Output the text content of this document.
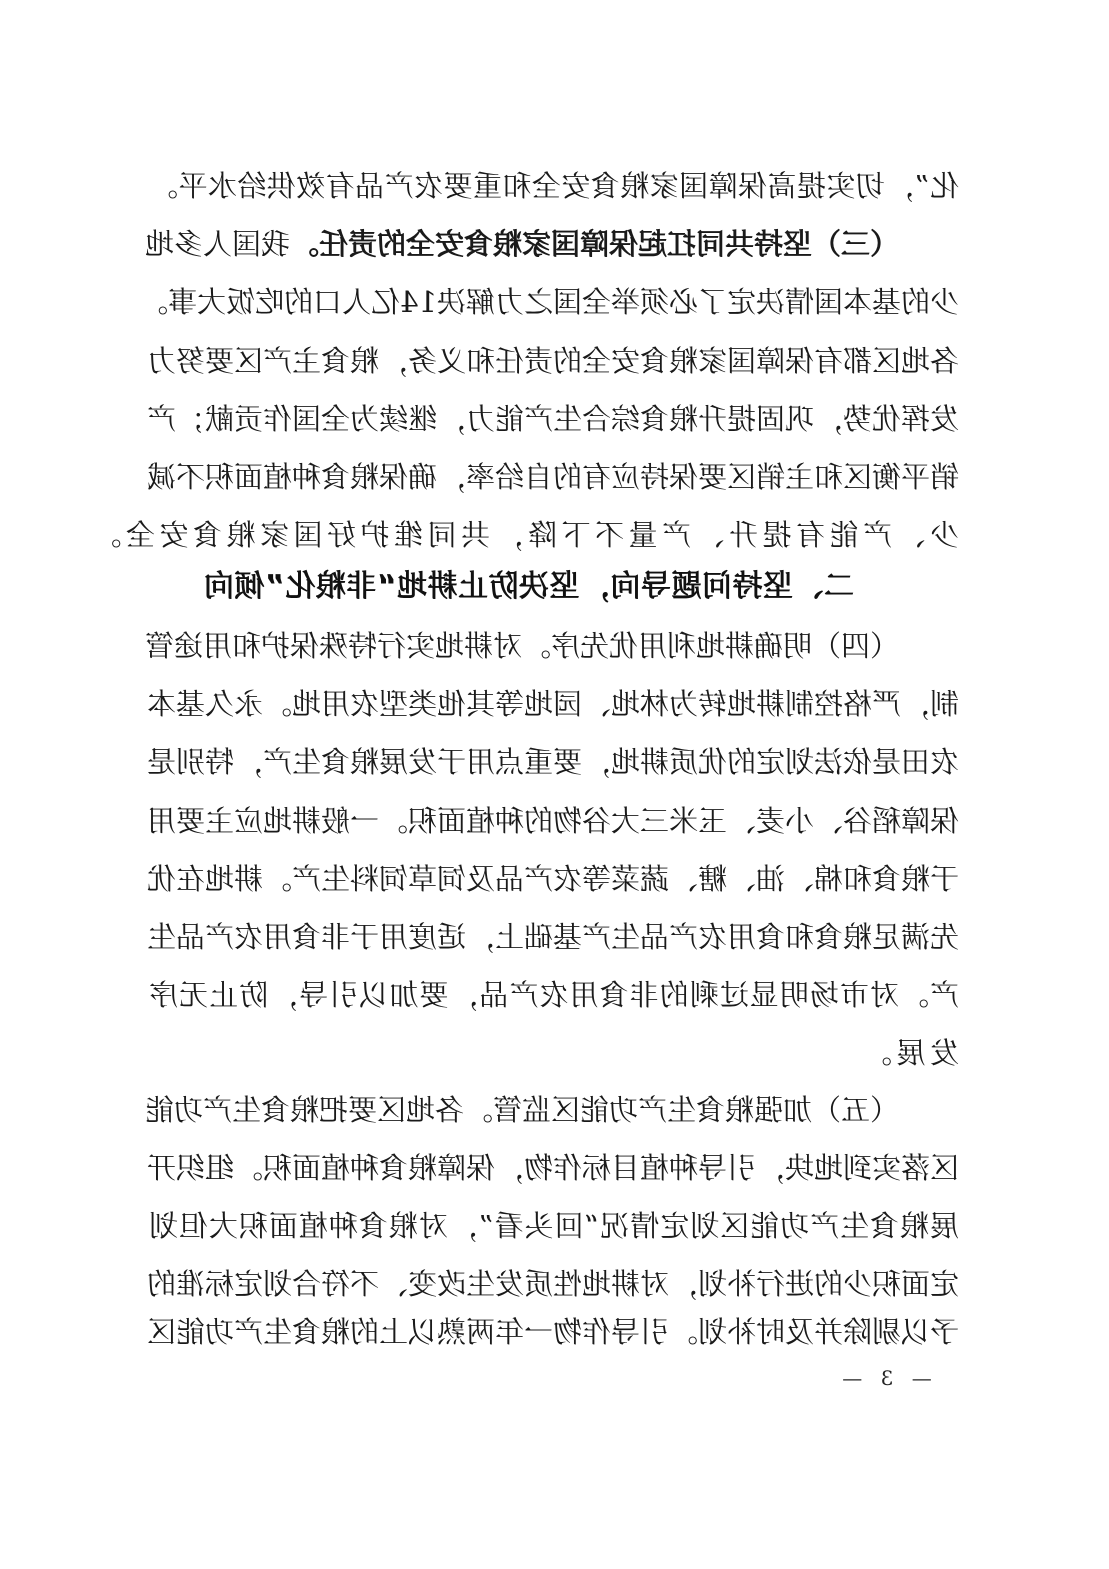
化”，切实提高保障国家粮食安全和重要农产品有效供给水平。
（三）坚持共同扛起保障国家粮食安全的责任。我国人多地
少的基本国情决定了必须举全国之力解决14亿人口的吃饭大事。
各地区都有保障国家粮食安全的责任和义务，粮食主产区要努力
发挥优势，巩固提升粮食综合生产能力，继续为全国作贡献；产
销平衡区和主销区要保持应有的自给率，确保粮食种植面积不减
少、产能有提升、产量不下降，共同维护好国家粮食安全。
二、坚持问题导向，坚决防止耕地“非粮化”倾向
（四）明确耕地利用优先序。对耕地实行特殊保护和用途管
制，严格控制耕地转为林地、园地等其他类型农用地。永久基本
农田是依法划定的优质耕地，要重点用于发展粮食生产，特别是
保障稻谷、小麦、玉米三大谷物的种植面积。一般耕地应主要用
于粮食和棉、油、糖、蔬菜等农产品及饲草饲料生产。耕地在优
先满足粮食和食用农产品生产基础上，适度用于非食用农产品生
产。对市场明显过剩的非食用农产品，要加以引导，防止无序
发展。
（五）加强粮食生产功能区监管。各地区要把粮食生产功能
区落实到地块，引导种植目标作物，保障粮食种植面积。组织开
展粮食生产功能区划定情况“回头看”，对粮食种植面积大但划
定面积少的进行补划，对耕地性质发生改变、不符合划定标准的
予以剔除并及时补划。引导作物一年两熟以上的粮食生产功能区
— 3 —
